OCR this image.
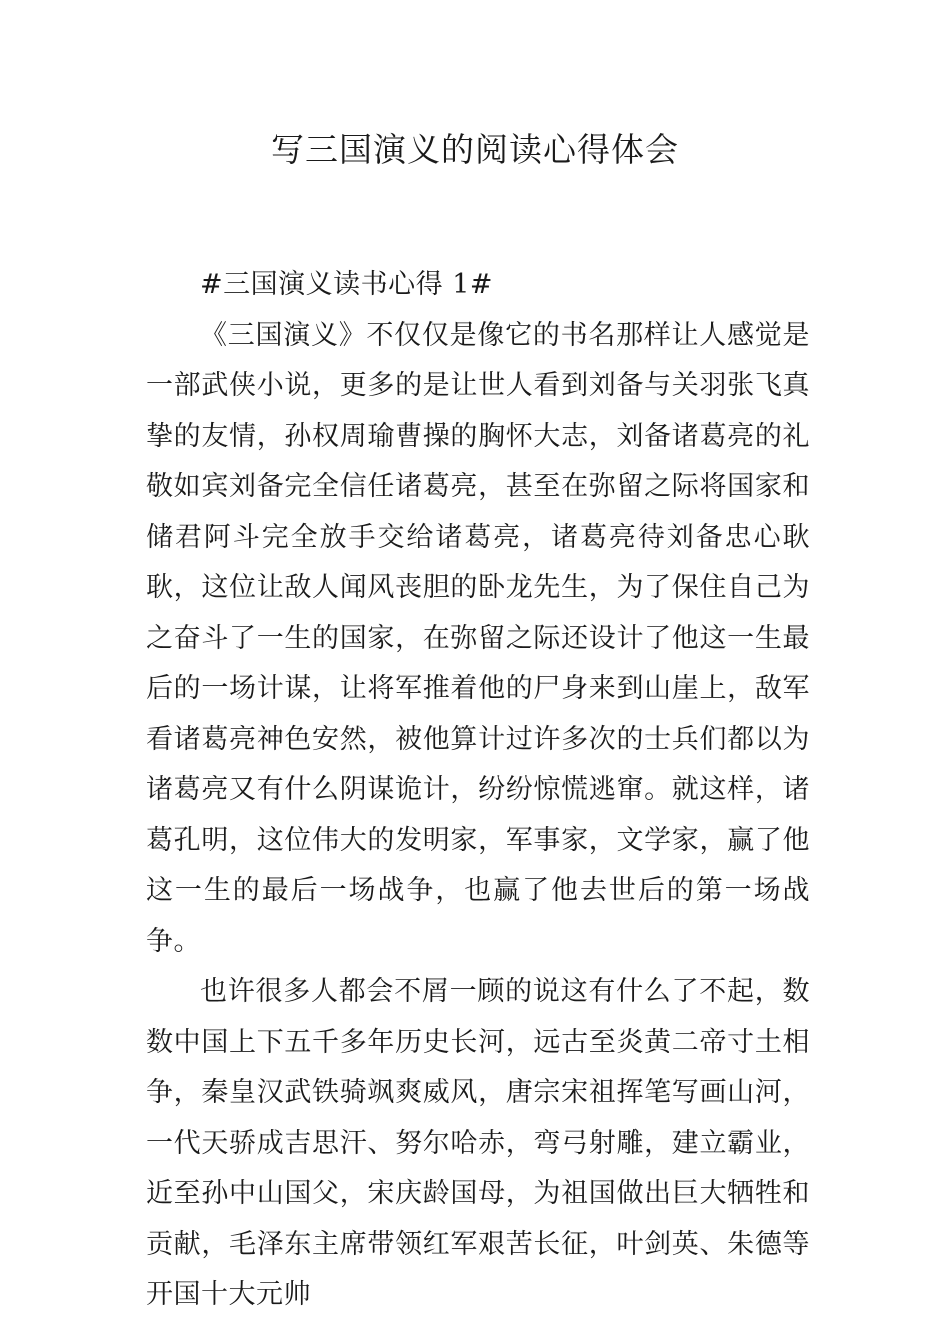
写三国演义的阅读心得体会
#三国演义读书心得 1#

《三国演义》不仅仅是像它的书名那样让人感觉是一部武侠小说，更多的是让世人看到刘备与关羽张飞真挚的友情，孙权周瑜曹操的胸怀大志，刘备诸葛亮的礼敬如宾刘备完全信任诸葛亮，甚至在弥留之际将国家和储君阿斗完全放手交给诸葛亮，诸葛亮待刘备忠心耿耿，这位让敌人闻风丧胆的卧龙先生，为了保住自己为之奋斗了一生的国家，在弥留之际还设计了他这一生最后的一场计谋，让将军推着他的尸身来到山崖上，敌军看诸葛亮神色安然，被他算计过许多次的士兵们都以为诸葛亮又有什么阴谋诡计，纷纷惊慌逃窜。就这样，诸葛孔明，这位伟大的发明家，军事家，文学家，赢了他这一生的最后一场战争，也赢了他去世后的第一场战争。

也许很多人都会不屑一顾的说这有什么了不起，数数中国上下五千多年历史长河，远古至炎黄二帝寸土相争，秦皇汉武铁骑飒爽威风，唐宗宋祖挥笔写画山河，一代天骄成吉思汗、努尔哈赤，弯弓射雕，建立霸业，近至孙中山国父，宋庆龄国母，为祖国做出巨大牺牲和贡献，毛泽东主席带领红军艰苦长征，叶剑英、朱德等开国十大元帅
